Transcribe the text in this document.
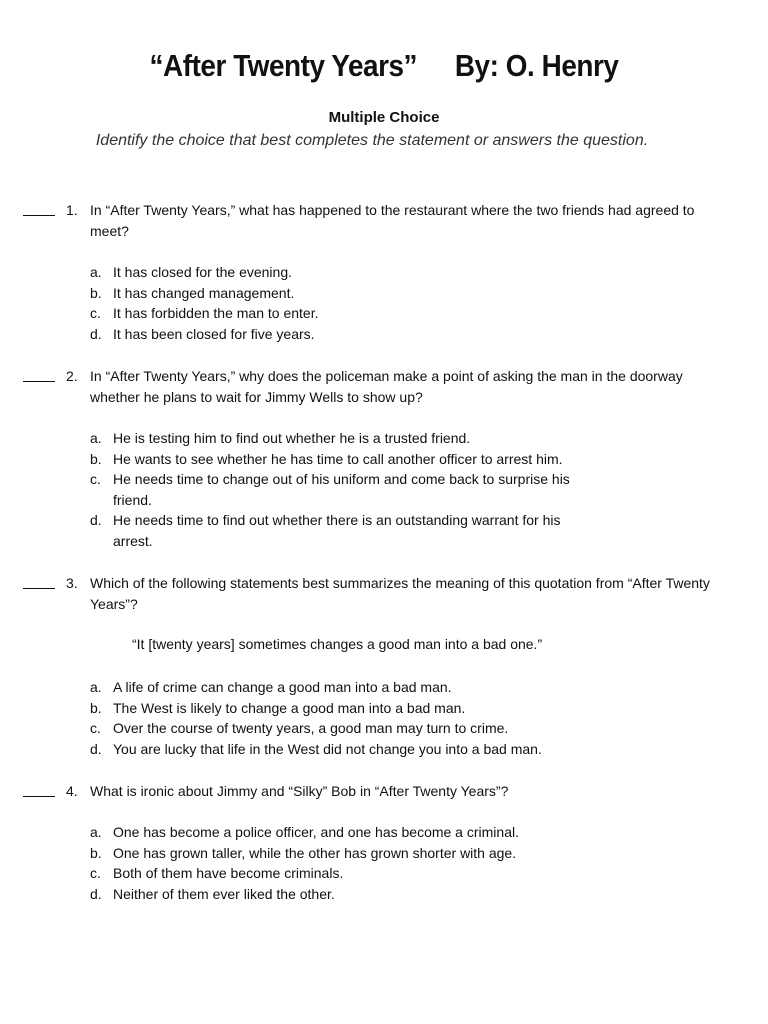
“After Twenty Years” By: O. Henry
Multiple Choice
Identify the choice that best completes the statement or answers the question.
1. In “After Twenty Years,” what has happened to the restaurant where the two friends had agreed to meet?
a. It has closed for the evening.
b. It has changed management.
c. It has forbidden the man to enter.
d. It has been closed for five years.
2. In “After Twenty Years,” why does the policeman make a point of asking the man in the doorway whether he plans to wait for Jimmy Wells to show up?
a. He is testing him to find out whether he is a trusted friend.
b. He wants to see whether he has time to call another officer to arrest him.
c. He needs time to change out of his uniform and come back to surprise his friend.
d. He needs time to find out whether there is an outstanding warrant for his arrest.
3. Which of the following statements best summarizes the meaning of this quotation from “After Twenty Years”?
“It [twenty years] sometimes changes a good man into a bad one.”
a. A life of crime can change a good man into a bad man.
b. The West is likely to change a good man into a bad man.
c. Over the course of twenty years, a good man may turn to crime.
d. You are lucky that life in the West did not change you into a bad man.
4. What is ironic about Jimmy and “Silky” Bob in “After Twenty Years”?
a. One has become a police officer, and one has become a criminal.
b. One has grown taller, while the other has grown shorter with age.
c. Both of them have become criminals.
d. Neither of them ever liked the other.
